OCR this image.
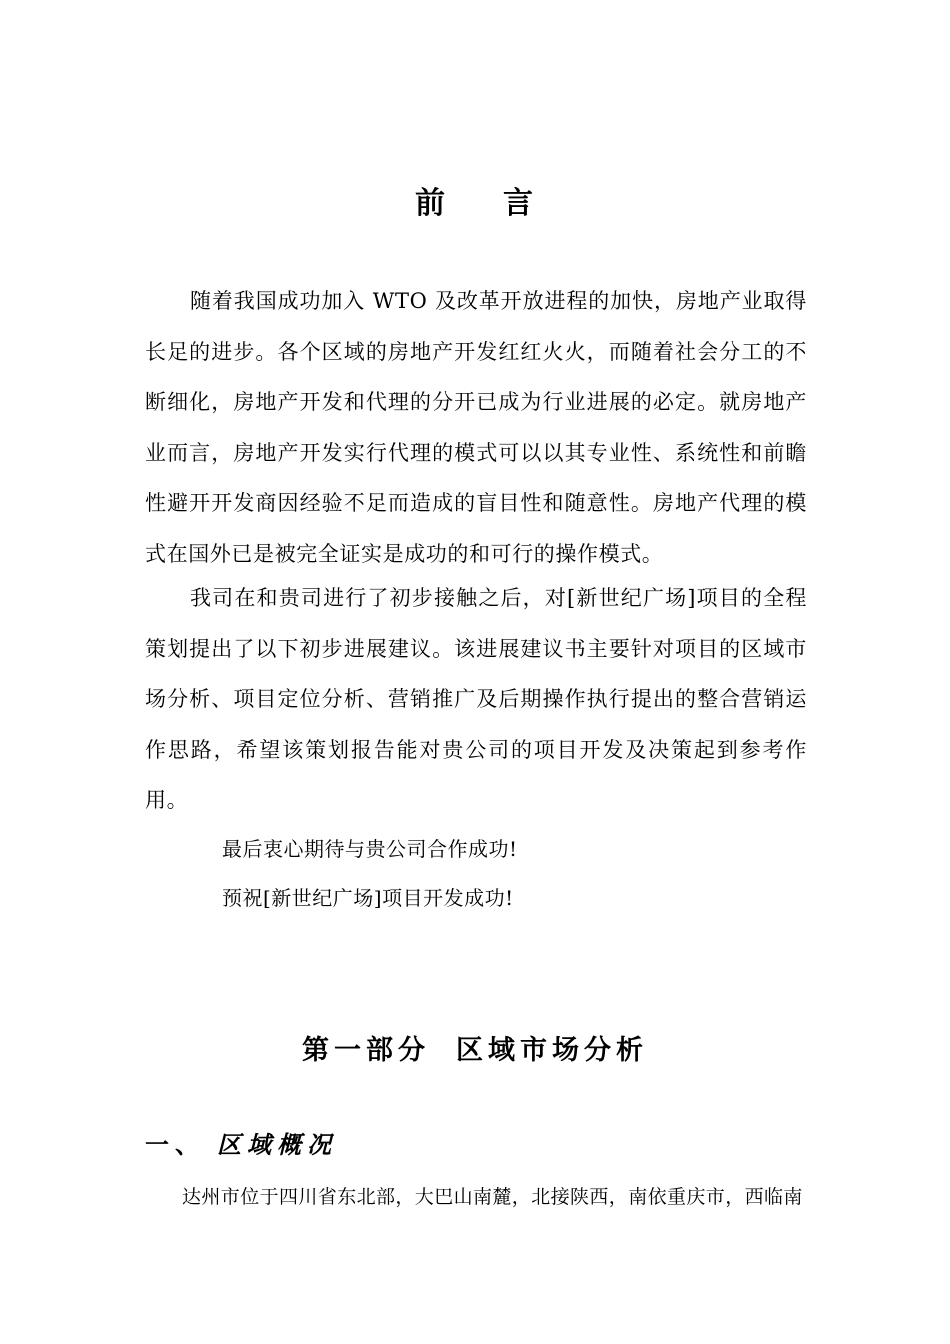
前 言
随着我国成功加入 WTO 及改革开放进程的加快，房地产业取得长足的进步。各个区域的房地产开发红红火火，而随着社会分工的不断细化，房地产开发和代理的分开已成为行业进展的必定。就房地产业而言，房地产开发实行代理的模式可以以其专业性、系统性和前瞻性避开开发商因经验不足而造成的盲目性和随意性。房地产代理的模式在国外已是被完全证实是成功的和可行的操作模式。
我司在和贵司进行了初步接触之后，对[新世纪广场]项目的全程策划提出了以下初步进展建议。该进展建议书主要针对项目的区域市场分析、项目定位分析、营销推广及后期操作执行提出的整合营销运作思路，希望该策划报告能对贵公司的项目开发及决策起到参考作用。
最后衷心期待与贵公司合作成功!
预祝[新世纪广场]项目开发成功!
第一部分 区域市场分析
一、 区域概况
达州市位于四川省东北部，大巴山南麓，北接陕西，南依重庆市，西临南
